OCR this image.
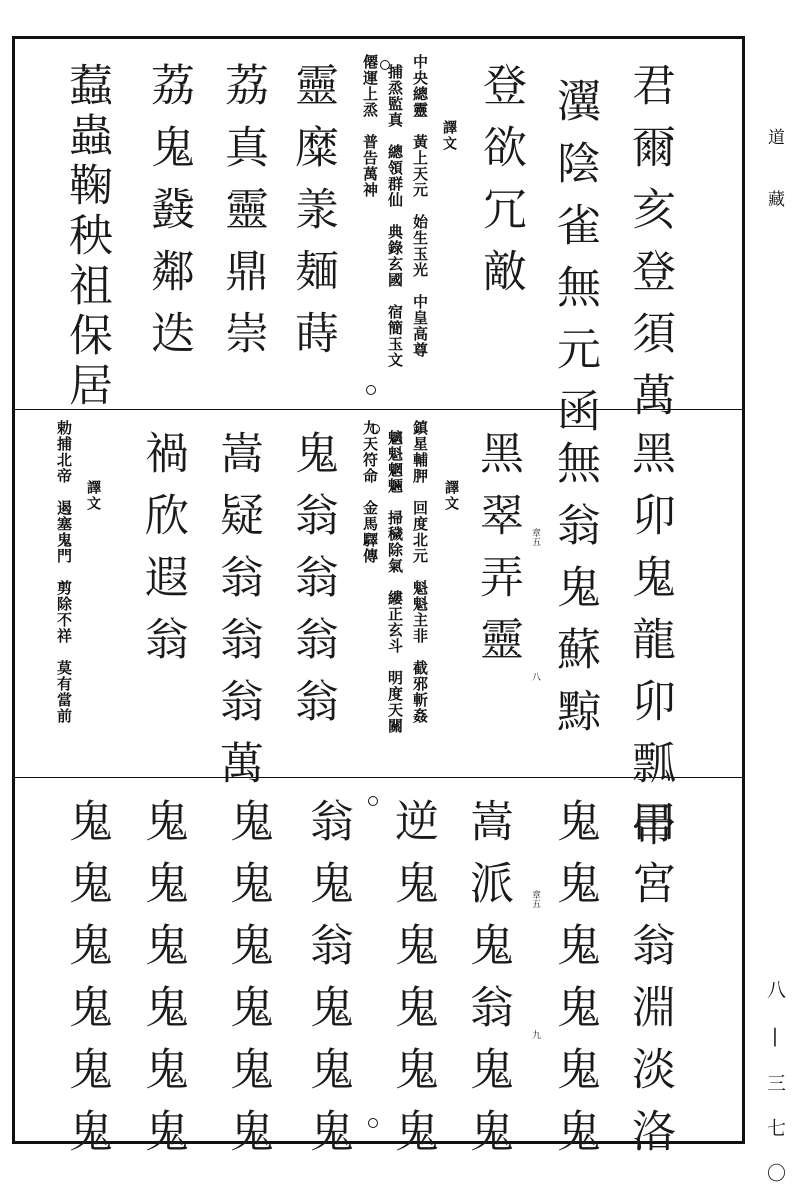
道　藏
八 | 三 七 〇
君爾亥登須萬
瀷陰雀無元函
登欲冗敵
譯文
中央總靈　黃上天元　始生玉光　中皇高尊
捕烝監真　總領群仙　典錄玄國　宿簡玉文
僊運上烝　普告萬神
靈糜羕麺蒔
荔真靈鼎崇
荔鬼鼗鄰迭
蠚蟲鞠秧祖保居
黑卯鬼龍卯瓢帚
無翁鬼蘇黥
章五
八
黑翠弄靈
譯文
鎮星輔胛　回度北元　魁魁主非　截邪斬姦
魑魁魍魎　掃穢除氣　縷正玄斗　明度天關
九天符命　金馬驛傳
鬼翁翁翁翁
嵩疑翁翁翁萬
禍欣遐翁
譯文
勅捕北帝　遏塞鬼門　剪除不祥　莫有當前
田宮翁淵淡洛
鬼鬼鬼鬼鬼鬼
章五
九
嵩派鬼翁鬼鬼
逆鬼鬼鬼鬼鬼
翁鬼翁鬼鬼鬼
鬼鬼鬼鬼鬼鬼
鬼鬼鬼鬼鬼鬼
鬼鬼鬼鬼鬼鬼
